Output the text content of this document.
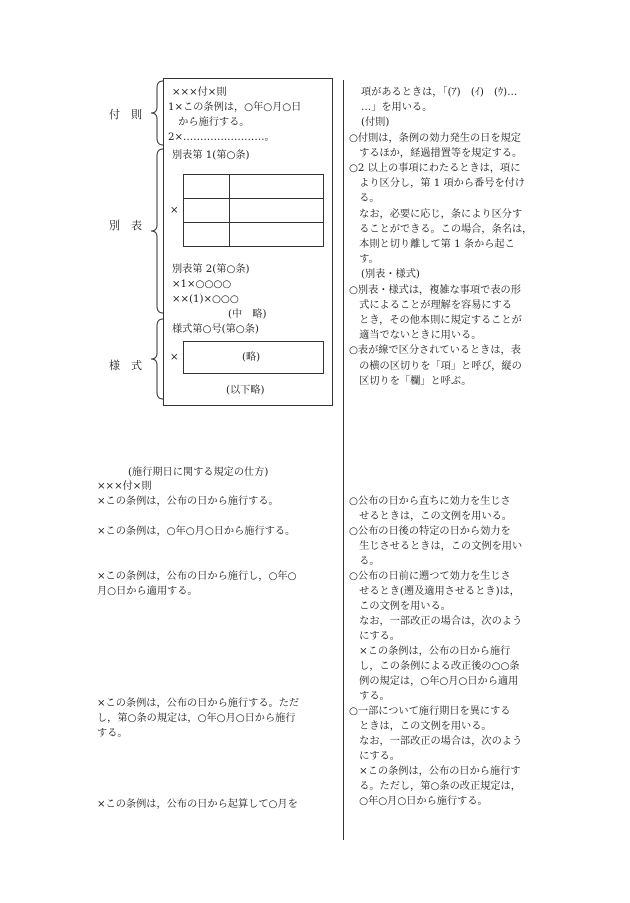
付　則
別　表
様　式
×××付×則
1×この条例は，○年○月○日
　から施行する。
2×……………………。
別表第 1(第○条)
×
別表第 2(第○条)
×1×○○○○
××(1)×○○○
(中　略)
様式第○号(第○条)
×	(略)
(以下略)
項があるときは，「(ｱ)　(ｲ)　(ｳ)…
…」を用いる。
(付則)
○付則は，条例の効力発生の日を規定
　するほか，経過措置等を規定する。
○2 以上の事項にわたるときは，項に
　より区分し，第 1 項から番号を付け
　る。
　なお，必要に応じ，条により区分す
　ることができる。この場合，条名は，
　本則と切り離して第 1 条から起こ
　す。
(別表・様式)
○別表・様式は，複雑な事項で表の形
　式によることが理解を容易にする
　とき，その他本則に規定することが
　適当でないときに用いる。
○表が線で区分されているときは，表
　の横の区切りを「項」と呼び，縦の
　区切りを「欄」と呼ぶ。
(施行期日に関する規定の仕方)
×××付×則
×この条例は，公布の日から施行する。
×この条例は，○年○月○日から施行する。
×この条例は，公布の日から施行し，○年○
月○日から適用する。
×この条例は，公布の日から施行する。ただ
し，第○条の規定は，○年○月○日から施行
する。
×この条例は，公布の日から起算して○月を
○公布の日から直ちに効力を生じさ
　せるときは，この文例を用いる。
○公布の日後の特定の日から効力を
　生じさせるときは，この文例を用い
　る。
○公布の日前に遡つて効力を生じさ
　せるとき(遡及適用させるとき)は，
　この文例を用いる。
　なお，一部改正の場合は，次のよう
　にする。
　×この条例は，公布の日から施行
　し，この条例による改正後の○○条
　例の規定は，○年○月○日から適用
　する。
○一部について施行期日を異にする
　ときは，この文例を用いる。
　なお，一部改正の場合は，次のよう
　にする。
　×この条例は，公布の日から施行す
　る。ただし，第○条の改正規定は，
　○年○月○日から施行する。
